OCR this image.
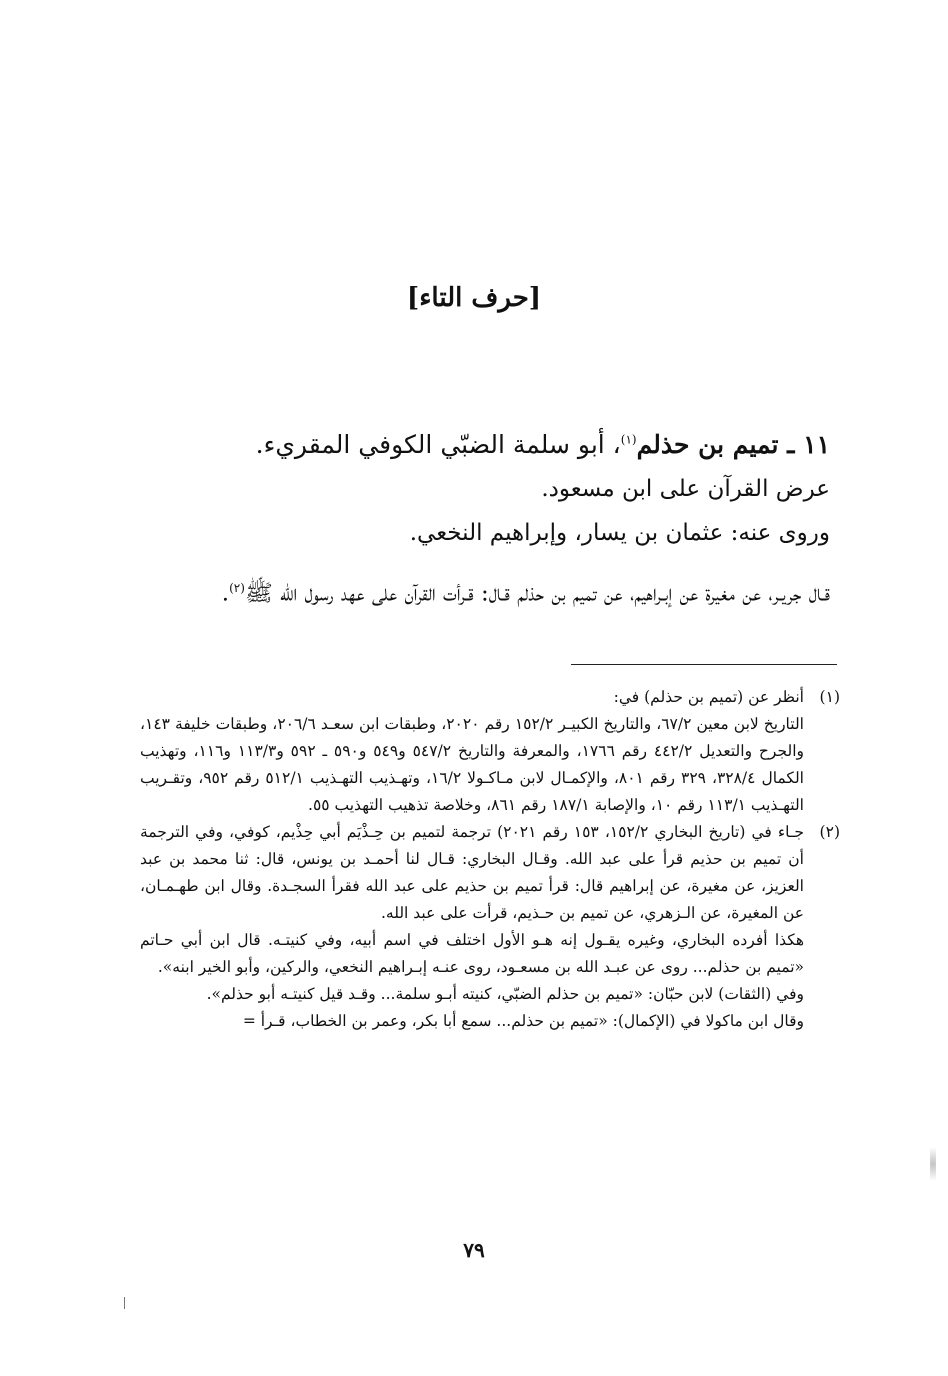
[حرف التاء]
١١ ـ تميم بن حذلم$^{(١)}$، أبو سلمة الضبّي الكوفي المقريء.
عرض القرآن على ابن مسعود.
وروى عنه: عثمان بن يسار، وإبراهيم النخعي.
قـال جريـر، عن مغيرة عن إبـراهيم، عن تميم بن حذلم قـال: قـرأت القرآن على عهد رسول الله ﷺ$^{(٢)}$.
(١)

أنظر عن (تميم بن حذلم) في:

التاريخ لابن معين ٦٧/٢، والتاريخ الكبيـر ١٥٢/٢ رقم ٢٠٢٠، وطبقات ابن سعـد ٢٠٦/٦، وطبقات خليفة ١٤٣، والجرح والتعديل ٤٤٢/٢ رقم ١٧٦٦، والمعرفة والتاريخ ٥٤٧/٢ و٥٤٩ و٥٩٠ ـ ٥٩٢ و١١٣/٣ و١١٦، وتهذيب الكمال ٣٢٨/٤، ٣٢٩ رقم ٨٠١، والإكمـال لابن مـاكـولا ١٦/٢، وتهـذيب التهـذيب ٥١٢/١ رقم ٩٥٢، وتقـريب التهـذيب ١١٣/١ رقم ١٠، والإصابة ١٨٧/١ رقم ٨٦١، وخلاصة تذهيب التهذيب ٥٥.

(٢)

جـاء في (تاريخ البخاري ١٥٢/٢، ١٥٣ رقم ٢٠٢١) ترجمة لتميم بن حِـذْيَم أبي حِذْيم، كوفي، وفي الترجمة أن تميم بن حذيم قرأ على عبد الله. وقـال البخاري: قـال لنا أحمـد بن يونس، قال: ثنا محمد بن عبد العزيز، عن مغيرة، عن إبراهيم قال: قرأ تميم بن حذيم على عبد الله فقرأ السجـدة. وقال ابن طهـمـان، عن المغيرة، عن الـزهري، عن تميم بن حـذيم، قرأت على عبد الله.

هكذا أفرده البخاري، وغيره يقـول إنه هـو الأول اختلف في اسم أبيه، وفي كنيتـه. قال ابن أبي حـاتم «تميم بن حذلم... روى عن عبـد الله بن مسعـود، روى عنـه إبـراهيم النخعي، والركين، وأبو الخير ابنه».

وفي (الثقات) لابن حبّان: «تميم بن حذلم الضبّي، كنيته أبـو سلمة... وقـد قيل كنيتـه أبو حذلم».

وقال ابن ماكولا في (الإكمال): «تميم بن حذلم... سمع أبا بكر، وعمر بن الخطاب، قـرأ =

٧٩
